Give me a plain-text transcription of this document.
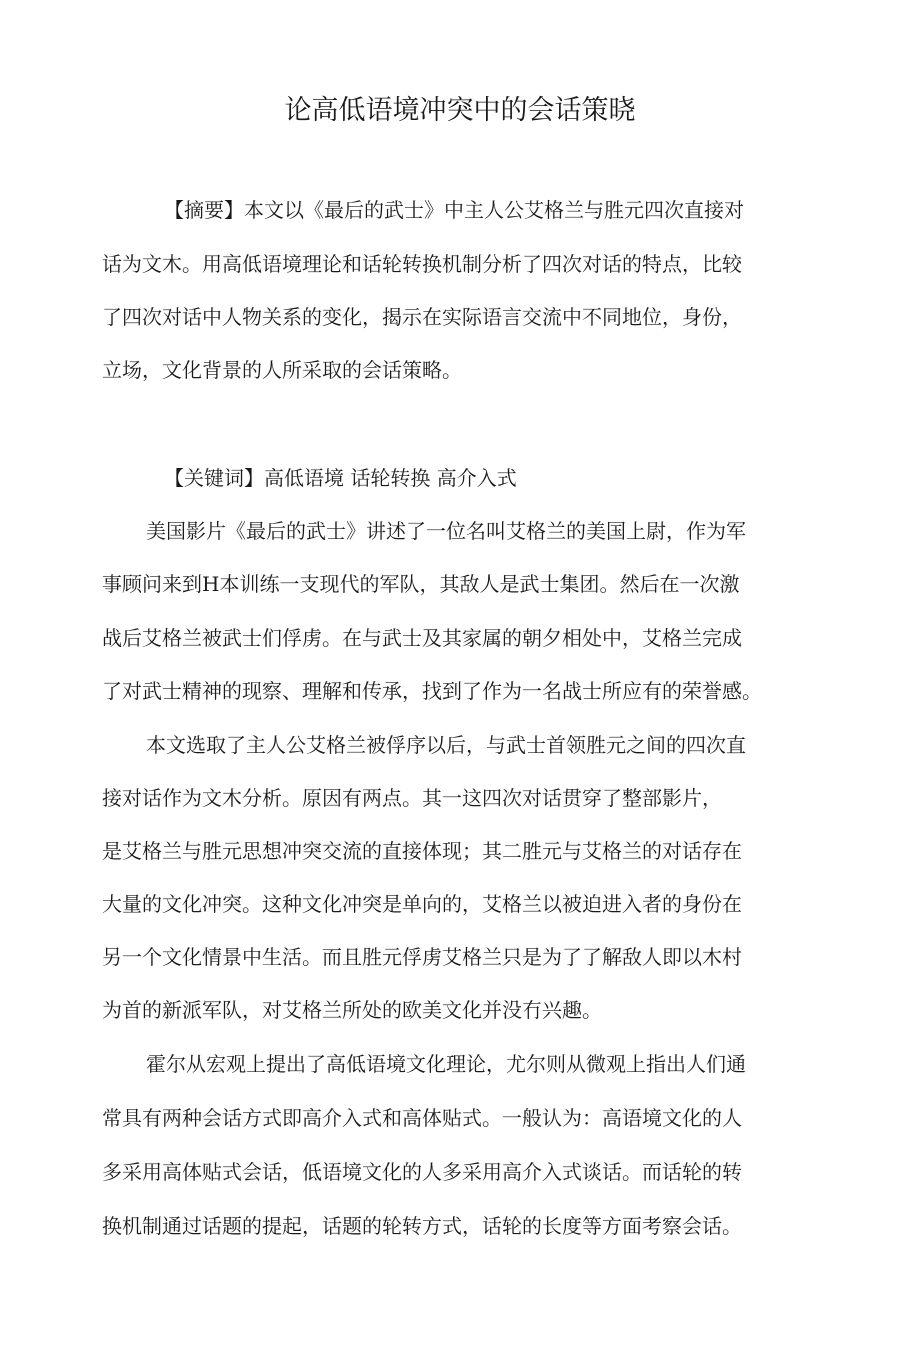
论高低语境冲突中的会话策晓
【摘要】本文以《最后的武士》中主人公艾格兰与胜元四次直接对
话为文木。用高低语境理论和话轮转换机制分析了四次对话的特点，比较
了四次对话中人物关系的变化，揭示在实际语言交流中不同地位，身份，
立场，文化背景的人所采取的会话策略。
【关键词】高低语境 话轮转换 高介入式
美国影片《最后的武士》讲述了一位名叫艾格兰的美国上尉，作为军
事顾问来到H本训练一支现代的军队，其敌人是武士集团。然后在一次激
战后艾格兰被武士们俘虏。在与武士及其家属的朝夕相处中，艾格兰完成
了对武士精神的现察、理解和传承，找到了作为一名战士所应有的荣誉感。
本文选取了主人公艾格兰被俘序以后，与武士首领胜元之间的四次直
接对话作为文木分析。原因有两点。其一这四次对话贯穿了整部影片，
是艾格兰与胜元思想冲突交流的直接体现；其二胜元与艾格兰的对话存在
大量的文化冲突。这种文化冲突是单向的，艾格兰以被迫进入者的身份在
另一个文化情景中生活。而且胜元俘虏艾格兰只是为了了解敌人即以木村
为首的新派军队，对艾格兰所处的欧美文化并没冇兴趣。
霍尔从宏观上提出了高低语境文化理论，尤尔则从微观上指出人们通
常具有两种会话方式即高介入式和高体贴式。一般认为：高语境文化的人
多采用高体贴式会话，低语境文化的人多采用高介入式谈话。而话轮的转
换机制通过话题的提起，话题的轮转方式，话轮的长度等方面考察会话。
